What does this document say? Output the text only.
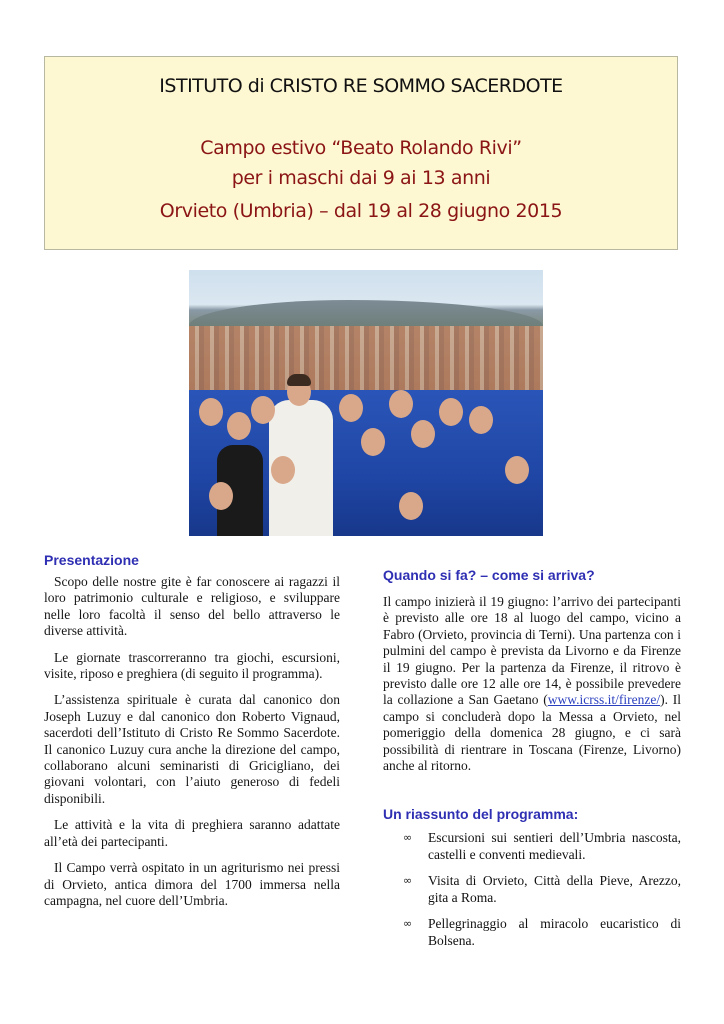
ISTITUTO di CRISTO RE SOMMO SACERDOTE
Campo estivo “Beato Rolando Rivi”
per i maschi dai 9 ai 13 anni
Orvieto (Umbria) – dal 19 al 28 giugno 2015
Presentazione

Scopo delle nostre gite è far conoscere ai ragazzi il loro patrimonio culturale e religioso, e sviluppare nelle loro facoltà il senso del bello attraverso le diverse attività.

Le giornate trascorreranno tra giochi, escursioni, visite, riposo e preghiera (di seguito il programma).

L’assistenza spirituale è curata dal canonico don Joseph Luzuy e dal canonico don Roberto Vignaud, sacerdoti dell’Istituto di Cristo Re Sommo Sacerdote. Il canonico Luzuy cura anche la direzione del campo, collaborano alcuni seminaristi di Gricigliano, dei giovani volontari, con l’aiuto generoso di fedeli disponibili.

Le attività e la vita di preghiera saranno adattate all’età dei partecipanti.

Il Campo verrà ospitato in un agriturismo nei pressi di Orvieto, antica dimora del 1700 immersa nella campagna, nel cuore dell’Umbria.

Quando si fa? – come si arriva?

Il campo inizierà il 19 giugno: l’arrivo dei partecipanti è previsto alle ore 18 al luogo del campo, vicino a Fabro (Orvieto, provincia di Terni). Una partenza con i pulmini del campo è prevista da Livorno e da Firenze il 19 giugno. Per la partenza da Firenze, il ritrovo è previsto dalle ore 12 alle ore 14, è possibile prevedere la collazione a San Gaetano (www.icrss.it/firenze/). Il campo si concluderà dopo la Messa a Orvieto, nel pomeriggio della domenica 28 giugno, e ci sarà possibilità di rientrare in Toscana (Firenze, Livorno) anche al ritorno.

Un riassunto del programma:
∞ Escursioni sui sentieri dell’Umbria nascosta, castelli e conventi medievali.
∞ Visita di Orvieto, Città della Pieve, Arezzo, gita a Roma.
∞ Pellegrinaggio al miracolo eucaristico di Bolsena.
